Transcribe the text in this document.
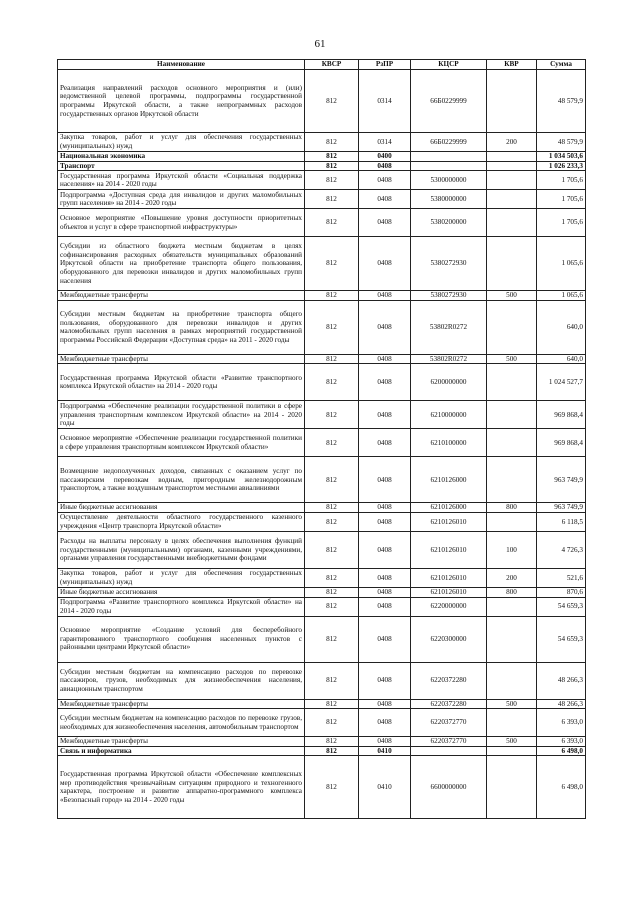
61
Наименование	КВСР	РзПР	КЦСР	КВР	Сумма
Реализация направлений расходов основного мероприятия и (или) ведомственной целевой программы, подпрограммы государственной программы Иркутской области, а также непрограммных расходов государственных органов Иркутской области	812	0314	66Б0229999		48 579,9
Закупка товаров, работ и услуг для обеспечения государственных (муниципальных) нужд	812	0314	66Б0229999	200	48 579,9
Национальная экономика	812	0400			1 034 503,6
Транспорт	812	0408			1 026 233,3
Государственная программа Иркутской области «Социальная поддержка населения» на 2014 - 2020 годы	812	0408	5300000000		1 705,6
Подпрограмма «Доступная среда для инвалидов и других маломобильных групп населения» на 2014 - 2020 годы	812	0408	5380000000		1 705,6
Основное мероприятие «Повышение уровня доступности приоритетных объектов и услуг в сфере транспортной инфраструктуры»	812	0408	5380200000		1 705,6
Субсидии из областного бюджета местным бюджетам в целях софинансирования расходных обязательств муниципальных образований Иркутской области на приобретение транспорта общего пользования, оборудованного для перевозки инвалидов и других маломобильных групп населения	812	0408	5380272930		1 065,6
Межбюджетные трансферты	812	0408	5380272930	500	1 065,6
Субсидии местным бюджетам на приобретение транспорта общего пользования, оборудованного для перевозки инвалидов и других маломобильных групп населения в рамках мероприятий государственной программы Российской Федерации «Доступная среда» на 2011 - 2020 годы	812	0408	53802R0272		640,0
Межбюджетные трансферты	812	0408	53802R0272	500	640,0
Государственная программа Иркутской области «Развитие транспортного комплекса Иркутской области» на 2014 - 2020 годы	812	0408	6200000000		1 024 527,7
Подпрограмма «Обеспечение реализации государственной политики в сфере управления транспортным комплексом Иркутской области» на 2014 - 2020 годы	812	0408	6210000000		969 868,4
Основное мероприятие «Обеспечение реализации государственной политики в сфере управления транспортным комплексом Иркутской области»	812	0408	6210100000		969 868,4
Возмещение недополученных доходов, связанных с оказанием услуг по пассажирским перевозкам водным, пригородным железнодорожным транспортом, а также воздушным транспортом местными авиалиниями	812	0408	6210126000		963 749,9
Иные бюджетные ассигнования	812	0408	6210126000	800	963 749,9
Осуществление деятельности областного государственного казенного учреждения «Центр транспорта Иркутской области»	812	0408	6210126010		6 118,5
Расходы на выплаты персоналу в целях обеспечения выполнения функций государственными (муниципальными) органами, казенными учреждениями, органами управления государственными внебюджетными фондами	812	0408	6210126010	100	4 726,3
Закупка товаров, работ и услуг для обеспечения государственных (муниципальных) нужд	812	0408	6210126010	200	521,6
Иные бюджетные ассигнования	812	0408	6210126010	800	870,6
Подпрограмма «Развитие транспортного комплекса Иркутской области» на 2014 - 2020 годы	812	0408	6220000000		54 659,3
Основное мероприятие «Создание условий для бесперебойного гарантированного транспортного сообщения населенных пунктов с районными центрами Иркутской области»	812	0408	6220300000		54 659,3
Субсидии местным бюджетам на компенсацию расходов по перевозке пассажиров, грузов, необходимых для жизнеобеспечения населения, авиационным транспортом	812	0408	6220372280		48 266,3
Межбюджетные трансферты	812	0408	6220372280	500	48 266,3
Субсидии местным бюджетам на компенсацию расходов по перевозке грузов, необходимых для жизнеобеспечения населения, автомобильным транспортом	812	0408	6220372770		6 393,0
Межбюджетные трансферты	812	0408	6220372770	500	6 393,0
Связь и информатика	812	0410			6 498,0
Государственная программа Иркутской области «Обеспечение комплексных мер противодействия чрезвычайным ситуациям природного и техногенного характера, построение и развитие аппаратно-программного комплекса «Безопасный город» на 2014 - 2020 годы	812	0410	6600000000		6 498,0
